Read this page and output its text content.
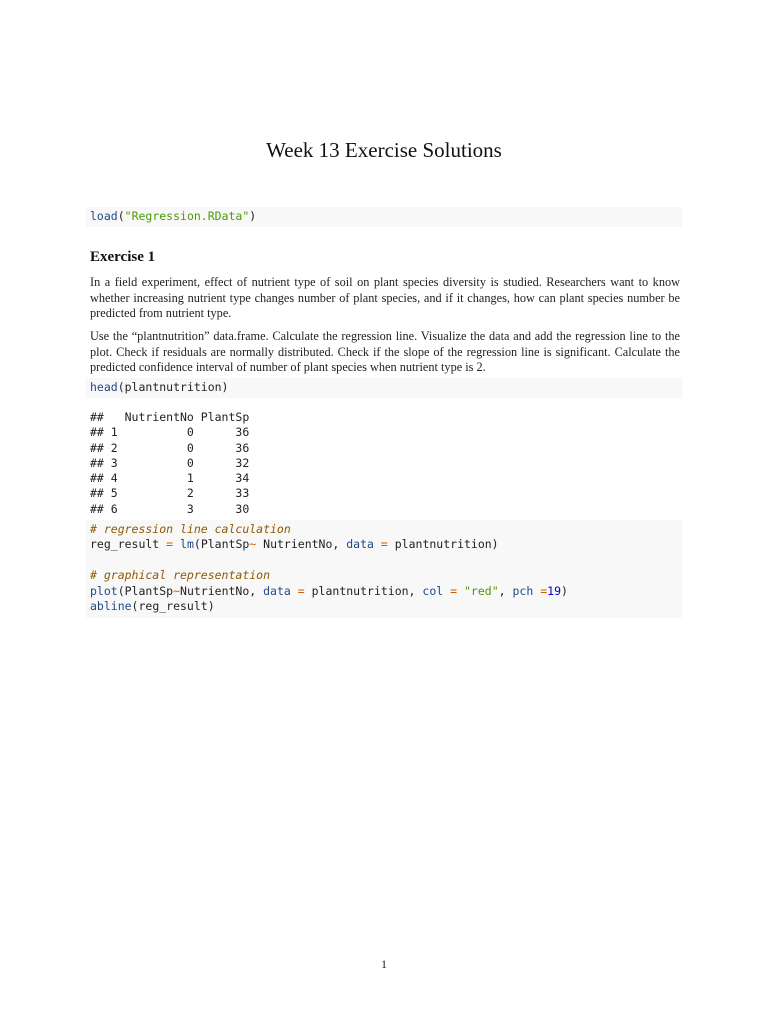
Week 13 Exercise Solutions
load("Regression.RData")
Exercise 1

In a field experiment, effect of nutrient type of soil on plant species diversity is studied. Researchers want to know whether increasing nutrient type changes number of plant species, and if it changes, how can plant species number be predicted from nutrient type.

Use the “plantnutrition” data.frame. Calculate the regression line. Visualize the data and add the regression line to the plot. Check if residuals are normally distributed. Check if the slope of the regression line is significant. Calculate the predicted confidence interval of number of plant species when nutrient type is 2.

head(plantnutrition)
##   NutrientNo PlantSp
## 1          0      36
## 2          0      36
## 3          0      32
## 4          1      34
## 5          2      33
## 6          3      30
# regression line calculation
reg_result = lm(PlantSp~ NutrientNo, data = plantnutrition)
# graphical representation
plot(PlantSp~NutrientNo, data = plantnutrition, col = "red", pch =19)
abline(reg_result)
1
